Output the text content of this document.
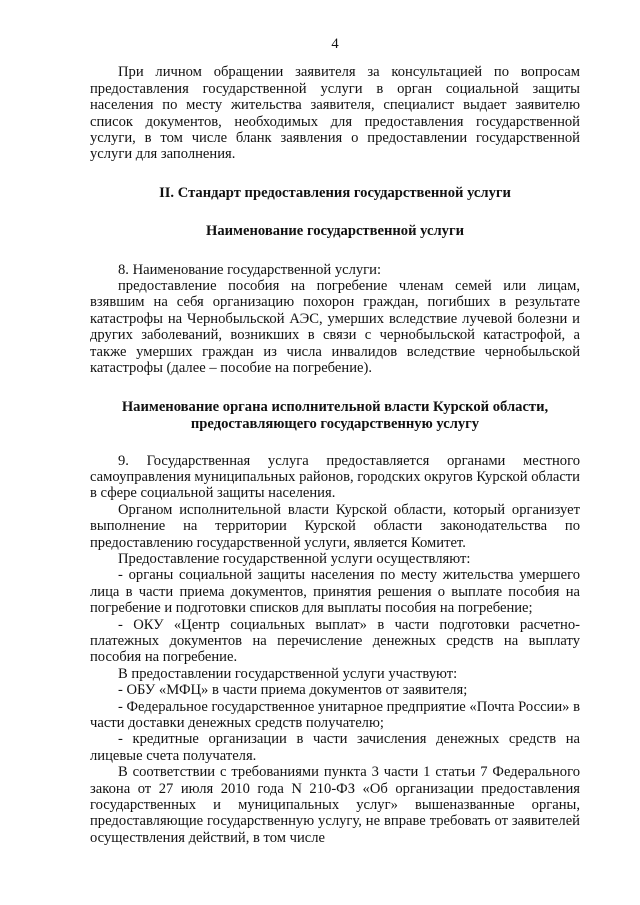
4

При личном обращении заявителя за консультацией по вопросам предоставления государственной услуги в орган социальной защиты населения по месту жительства заявителя, специалист выдает заявителю список документов, необходимых для предоставления государственной услуги, в том числе бланк заявления о предоставлении государственной услуги для заполнения.

II. Стандарт предоставления государственной услуги
Наименование государственной услуги

8. Наименование государственной услуги:

предоставление пособия на погребение членам семей или лицам, взявшим на себя организацию похорон граждан, погибших в результате катастрофы на Чернобыльской АЭС, умерших вследствие лучевой болезни и других заболеваний, возникших в связи с чернобыльской катастрофой, а также умерших граждан из числа инвалидов вследствие чернобыльской катастрофы (далее – пособие на погребение).

Наименование органа исполнительной власти Курской области, предоставляющего государственную услугу

9. Государственная услуга предоставляется органами местного самоуправления муниципальных районов, городских округов Курской области в сфере социальной защиты населения.

Органом исполнительной власти Курской области, который организует выполнение на территории Курской области законодательства по предоставлению государственной услуги, является Комитет.

Предоставление государственной услуги осуществляют:

- органы социальной защиты населения по месту жительства умершего лица в части приема документов, принятия решения о выплате пособия на погребение и подготовки списков для выплаты пособия на погребение;

- ОКУ «Центр социальных выплат» в части подготовки расчетно-платежных документов на перечисление денежных средств на выплату пособия на погребение.

В предоставлении государственной услуги участвуют:

- ОБУ «МФЦ» в части приема документов от заявителя;

- Федеральное государственное унитарное предприятие «Почта России» в части доставки денежных средств получателю;

- кредитные организации в части зачисления денежных средств на лицевые счета получателя.

В соответствии с требованиями пункта 3 части 1 статьи 7 Федерального закона от 27 июля 2010 года N 210-ФЗ «Об организации предоставления государственных и муниципальных услуг» вышеназванные органы, предоставляющие государственную услугу, не вправе требовать от заявителей осуществления действий, в том числе
